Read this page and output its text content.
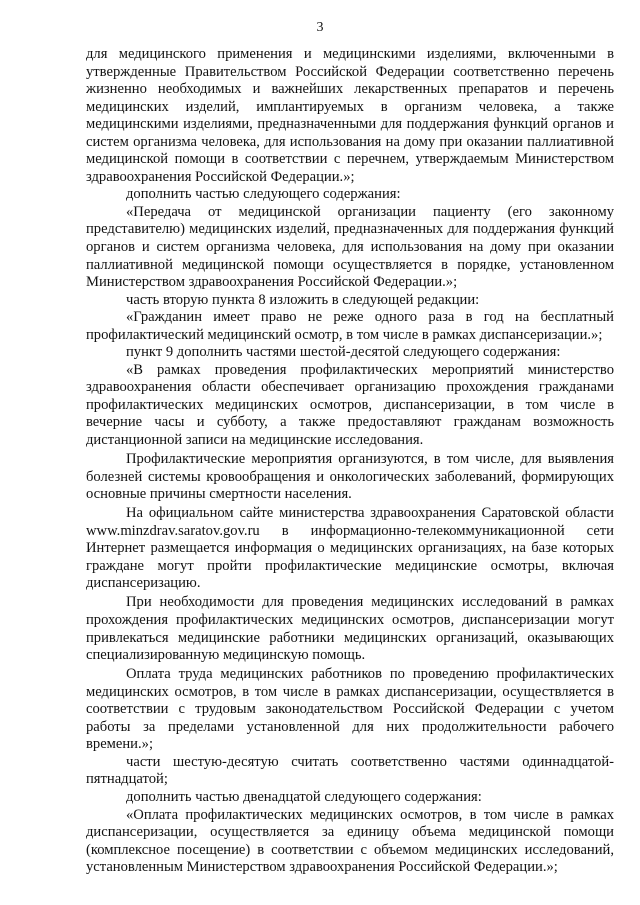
3

для медицинского применения и медицинскими изделиями, включенными в утвержденные Правительством Российской Федерации соответственно перечень жизненно необходимых и важнейших лекарственных препаратов и перечень медицинских изделий, имплантируемых в организм человека, а также медицинскими изделиями, предназначенными для поддержания функций органов и систем организма человека, для использования на дому при оказании паллиативной медицинской помощи в соответствии с перечнем, утверждаемым Министерством здравоохранения Российской Федерации.»;

дополнить частью следующего содержания:

«Передача от медицинской организации пациенту (его законному представителю) медицинских изделий, предназначенных для поддержания функций органов и систем организма человека, для использования на дому при оказании паллиативной медицинской помощи осуществляется в порядке, установленном Министерством здравоохранения Российской Федерации.»;

часть вторую пункта 8 изложить в следующей редакции:

«Гражданин имеет право не реже одного раза в год на бесплатный профилактический медицинский осмотр, в том числе в рамках диспансеризации.»;

пункт 9 дополнить частями шестой-десятой следующего содержания:

«В рамках проведения профилактических мероприятий министерство здравоохранения области обеспечивает организацию прохождения гражданами профилактических медицинских осмотров, диспансеризации, в том числе в вечерние часы и субботу, а также предоставляют гражданам возможность дистанционной записи на медицинские исследования.

Профилактические мероприятия организуются, в том числе, для выявления болезней системы кровообращения и онкологических заболеваний, формирующих основные причины смертности населения.

На официальном сайте министерства здравоохранения Саратовской области www.minzdrav.saratov.gov.ru в информационно-телекоммуникационной сети Интернет размещается информация о медицинских организациях, на базе которых граждане могут пройти профилактические медицинские осмотры, включая диспансеризацию.

При необходимости для проведения медицинских исследований в рамках прохождения профилактических медицинских осмотров, диспансеризации могут привлекаться медицинские работники медицинских организаций, оказывающих специализированную медицинскую помощь.

Оплата труда медицинских работников по проведению профилактических медицинских осмотров, в том числе в рамках диспансеризации, осуществляется в соответствии с трудовым законодательством Российской Федерации с учетом работы за пределами установленной для них продолжительности рабочего времени.»;

части шестую-десятую считать соответственно частями одиннадцатой-пятнадцатой;

дополнить частью двенадцатой следующего содержания:

«Оплата профилактических медицинских осмотров, в том числе в рамках диспансеризации, осуществляется за единицу объема медицинской помощи (комплексное посещение) в соответствии с объемом медицинских исследований, установленным Министерством здравоохранения Российской Федерации.»;
